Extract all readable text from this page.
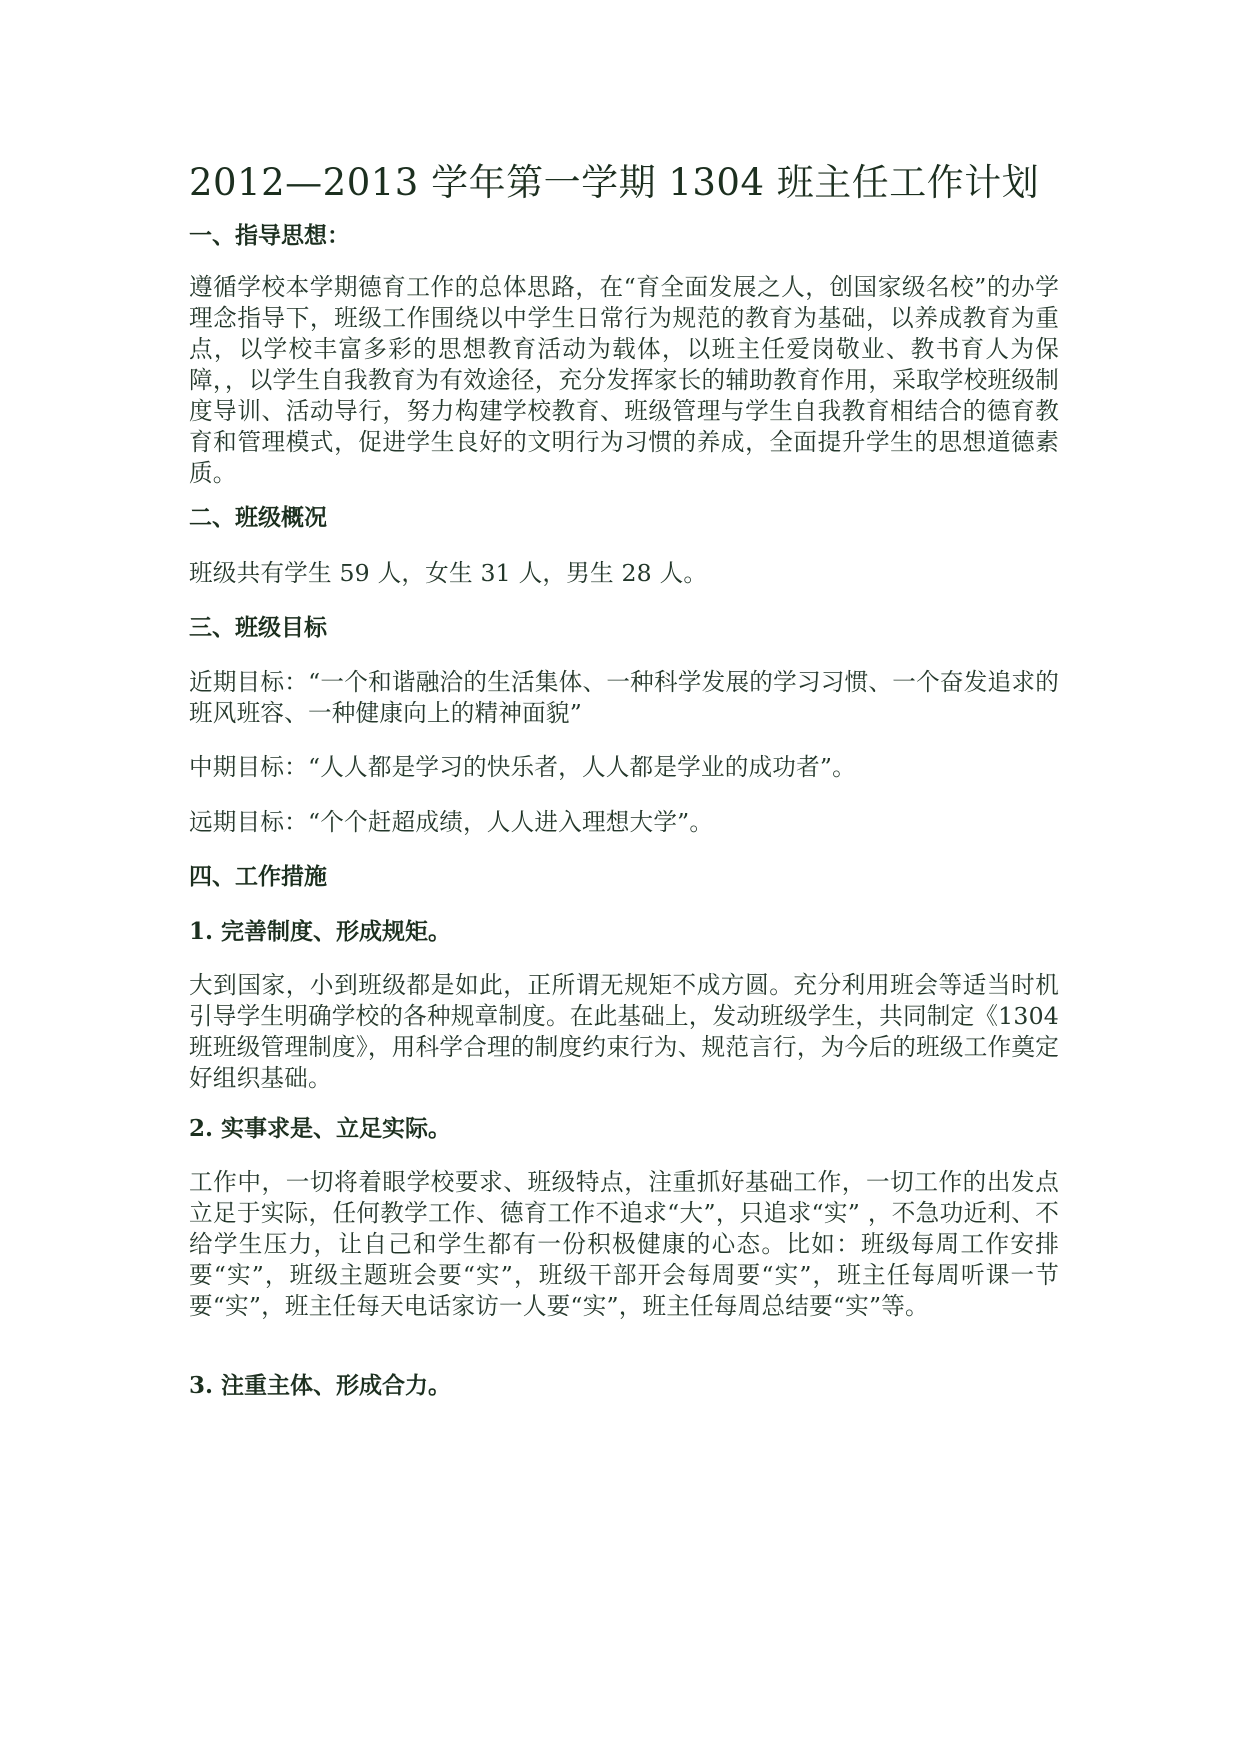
2012—2013 学年第一学期 1304 班主任工作计划
一、指导思想：

遵循学校本学期德育工作的总体思路，在“育全面发展之人，创国家级名校”的办学理念指导下，班级工作围绕以中学生日常行为规范的教育为基础，以养成教育为重点，以学校丰富多彩的思想教育活动为载体，以班主任爱岗敬业、教书育人为保障，，以学生自我教育为有效途径，充分发挥家长的辅助教育作用，采取学校班级制度导训、活动导行，努力构建学校教育、班级管理与学生自我教育相结合的德育教育和管理模式，促进学生良好的文明行为习惯的养成，全面提升学生的思想道德素质。

二、班级概况

班级共有学生 59 人，女生 31 人，男生 28 人。

三、班级目标

近期目标：“一个和谐融洽的生活集体、一种科学发展的学习习惯、一个奋发追求的班风班容、一种健康向上的精神面貌”

中期目标：“人人都是学习的快乐者，人人都是学业的成功者”。

远期目标：“个个赶超成绩，人人进入理想大学”。

四、工作措施
1. 完善制度、形成规矩。

大到国家，小到班级都是如此，正所谓无规矩不成方圆。充分利用班会等适当时机引导学生明确学校的各种规章制度。在此基础上，发动班级学生，共同制定《1304 班班级管理制度》，用科学合理的制度约束行为、规范言行，为今后的班级工作奠定好组织基础。

2. 实事求是、立足实际。

工作中，一切将着眼学校要求、班级特点，注重抓好基础工作，一切工作的出发点立足于实际，任何教学工作、德育工作不追求“大”，只追求“实” ，不急功近利、不给学生压力，让自己和学生都有一份积极健康的心态。比如：班级每周工作安排要“实”，班级主题班会要“实”，班级干部开会每周要“实”，班主任每周听课一节要“实”，班主任每天电话家访一人要“实”，班主任每周总结要“实”等。

3. 注重主体、形成合力。
